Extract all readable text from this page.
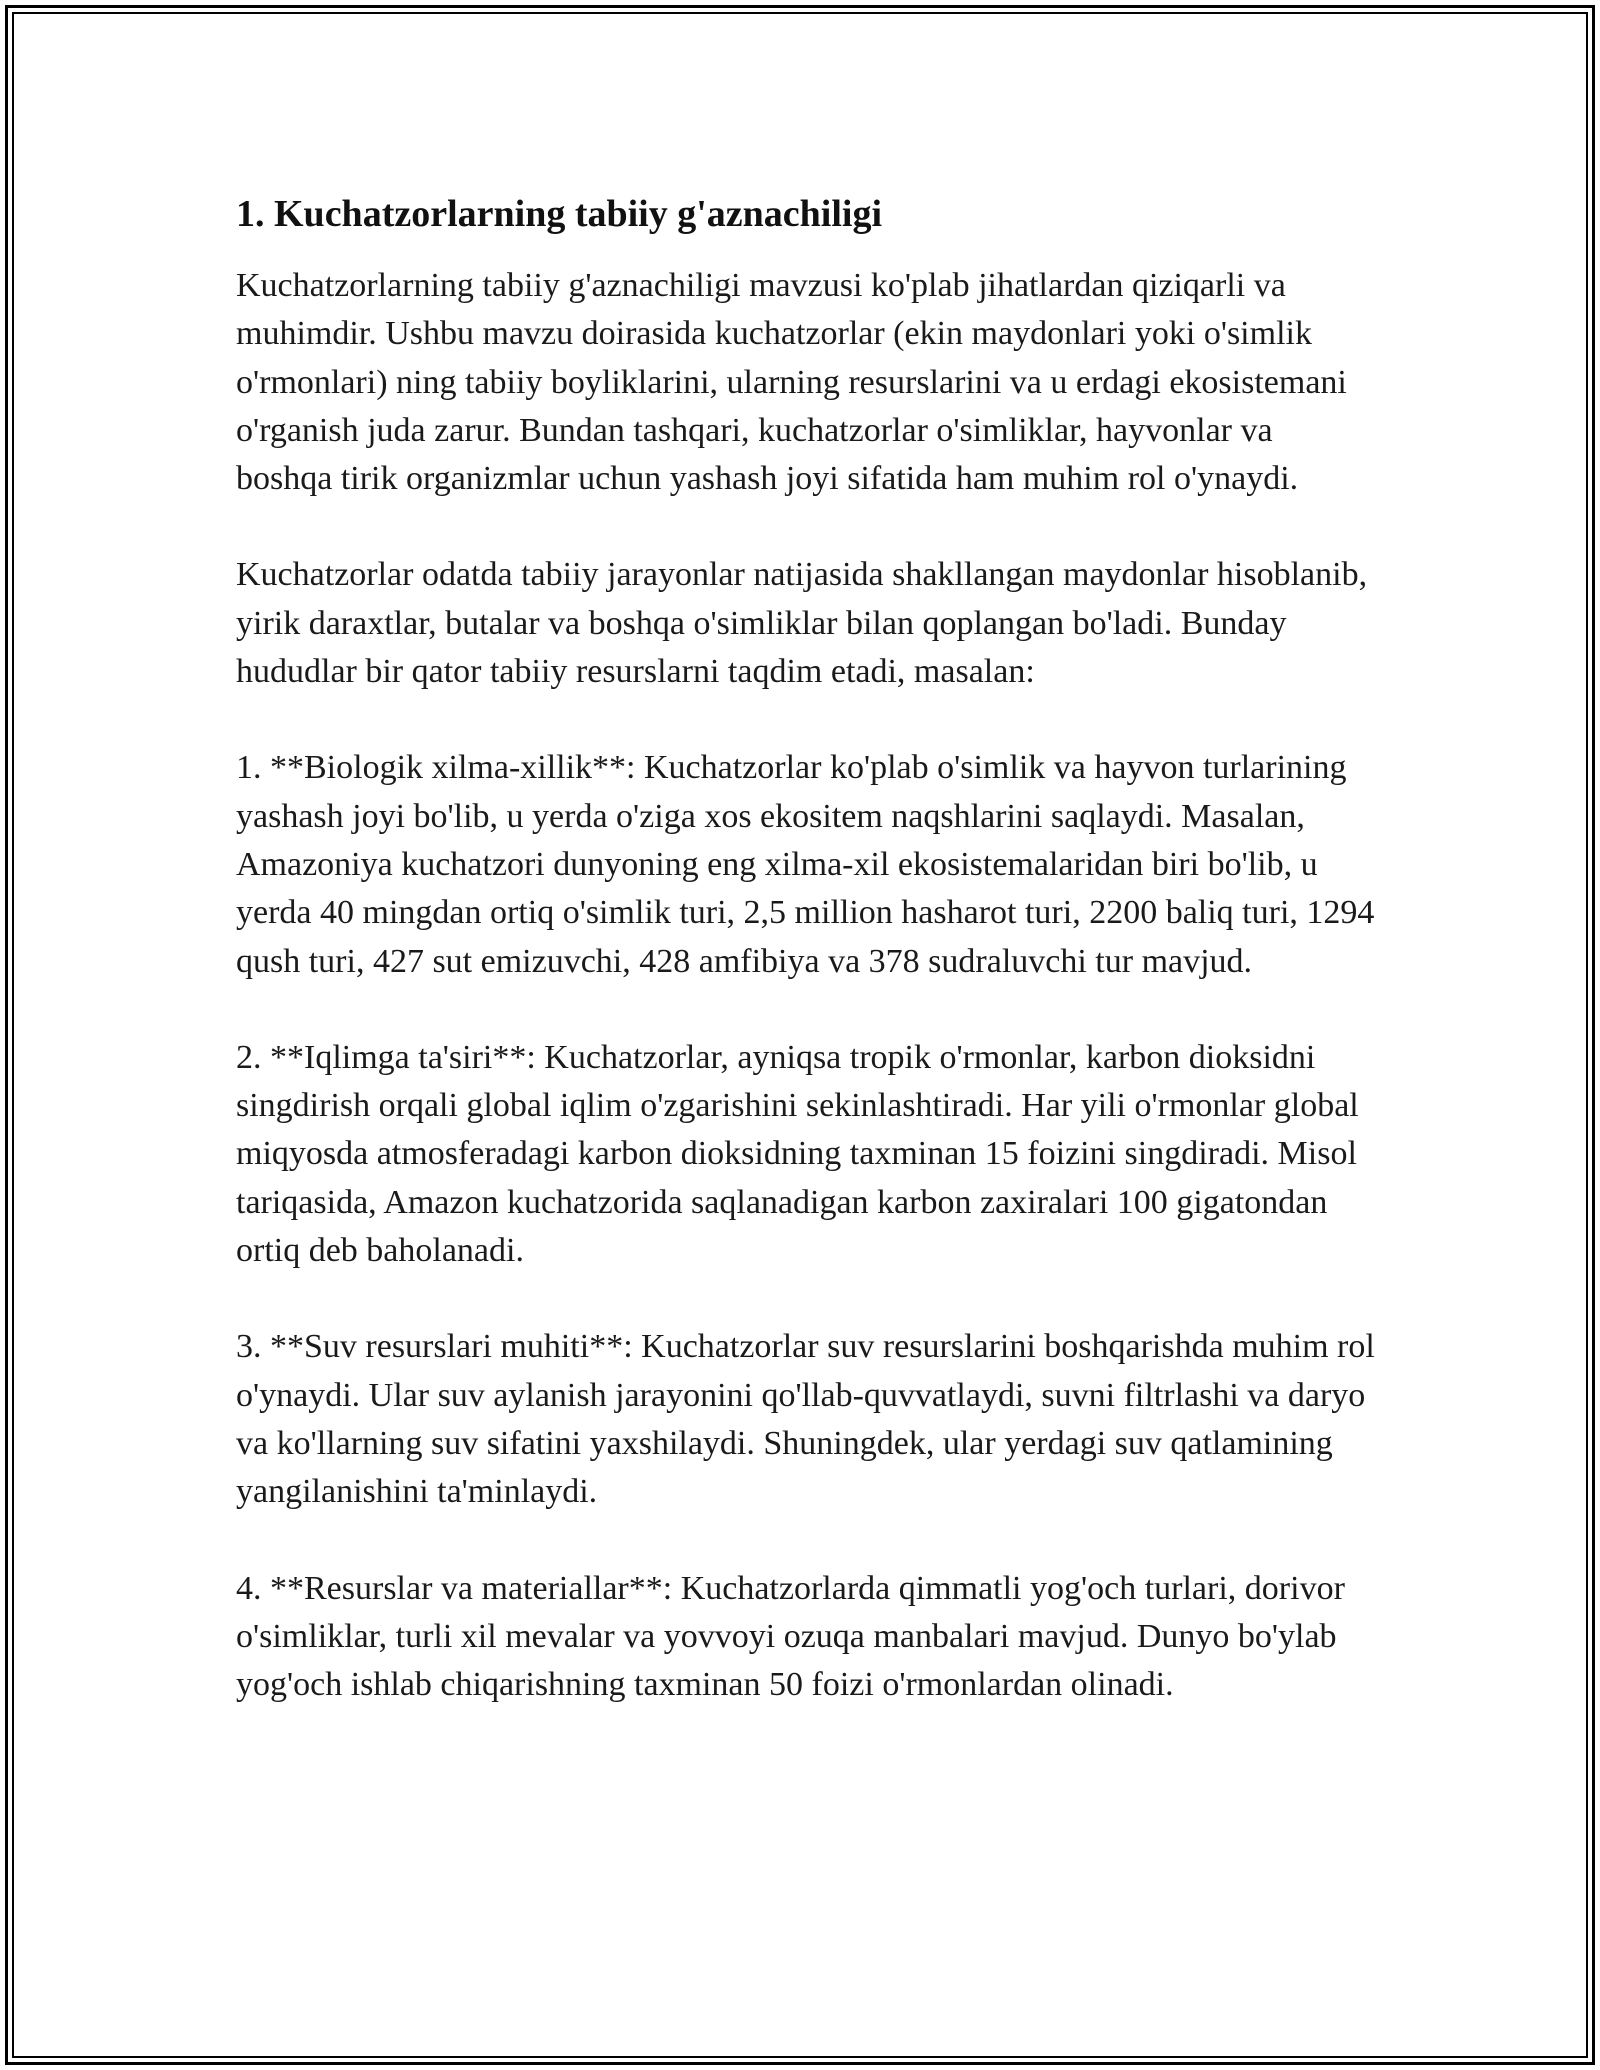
1. Kuchatzorlarning tabiiy g'aznachiligi

Kuchatzorlarning tabiiy g'aznachiligi mavzusi ko'plab jihatlardan qiziqarli va muhimdir. Ushbu mavzu doirasida kuchatzorlar (ekin maydonlari yoki o'simlik o'rmonlari) ning tabiiy boyliklarini, ularning resurslarini va u erdagi ekosistemani o'rganish juda zarur. Bundan tashqari, kuchatzorlar o'simliklar, hayvonlar va boshqa tirik organizmlar uchun yashash joyi sifatida ham muhim rol o'ynaydi.

Kuchatzorlar odatda tabiiy jarayonlar natijasida shakllangan maydonlar hisoblanib, yirik daraxtlar, butalar va boshqa o'simliklar bilan qoplangan bo'ladi. Bunday hududlar bir qator tabiiy resurslarni taqdim etadi, masalan:

1. **Biologik xilma-xillik**: Kuchatzorlar ko'plab o'simlik va hayvon turlarining yashash joyi bo'lib, u yerda o'ziga xos ekositem naqshlarini saqlaydi. Masalan, Amazoniya kuchatzori dunyoning eng xilma-xil ekosistemalaridan biri bo'lib, u yerda 40 mingdan ortiq o'simlik turi, 2,5 million hasharot turi, 2200 baliq turi, 1294 qush turi, 427 sut emizuvchi, 428 amfibiya va 378 sudraluvchi tur mavjud.

2. **Iqlimga ta'siri**: Kuchatzorlar, ayniqsa tropik o'rmonlar, karbon dioksidni singdirish orqali global iqlim o'zgarishini sekinlashtiradi. Har yili o'rmonlar global miqyosda atmosferadagi karbon dioksidning taxminan 15 foizini singdiradi. Misol tariqasida, Amazon kuchatzorida saqlanadigan karbon zaxiralari 100 gigatondan ortiq deb baholanadi.

3. **Suv resurslari muhiti**: Kuchatzorlar suv resurslarini boshqarishda muhim rol o'ynaydi. Ular suv aylanish jarayonini qo'llab-quvvatlaydi, suvni filtrlashi va daryo va ko'llarning suv sifatini yaxshilaydi. Shuningdek, ular yerdagi suv qatlamining yangilanishini ta'minlaydi.

4. **Resurslar va materiallar**: Kuchatzorlarda qimmatli yog'och turlari, dorivor o'simliklar, turli xil mevalar va yovvoyi ozuqa manbalari mavjud. Dunyo bo'ylab yog'och ishlab chiqarishning taxminan 50 foizi o'rmonlardan olinadi.
